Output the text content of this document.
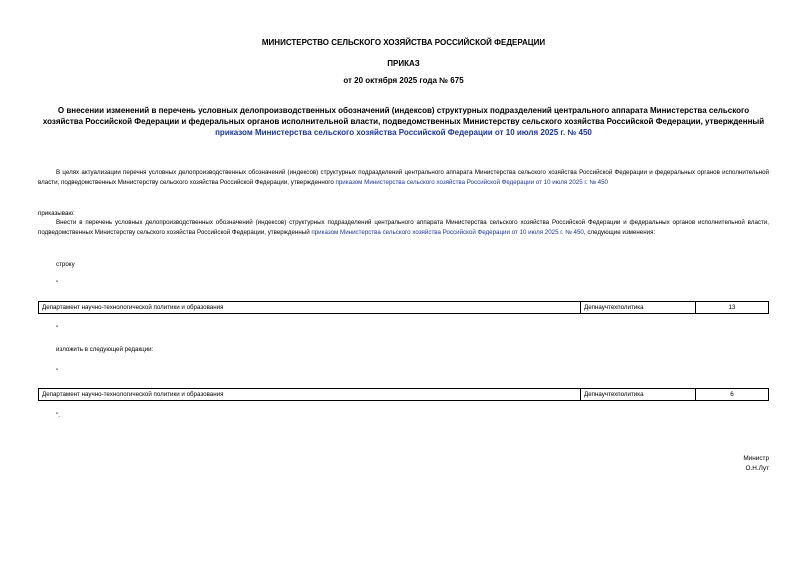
МИНИСТЕРСТВО СЕЛЬСКОГО ХОЗЯЙСТВА РОССИЙСКОЙ ФЕДЕРАЦИИ
ПРИКАЗ
от 20 октября 2025 года № 675
О внесении изменений в перечень условных делопроизводственных обозначений (индексов) структурных подразделений центрального аппарата Министерства сельского хозяйства Российской Федерации и федеральных органов исполнительной власти, подведомственных Министерству сельского хозяйства Российской Федерации, утвержденный приказом Министерства сельского хозяйства Российской Федерации от 10 июля 2025 г. № 450
В целях актуализации перечня условных делопроизводственных обозначений (индексов) структурных подразделений центрального аппарата Министерства сельского хозяйства Российской Федерации и федеральных органов исполнительной власти, подведомственных Министерству сельского хозяйства Российской Федерации, утвержденного приказом Министерства сельского хозяйства Российской Федерации от 10 июля 2025 г. № 450
приказываю:
Внести в перечень условных делопроизводственных обозначений (индексов) структурных подразделений центрального аппарата Министерства сельского хозяйства Российской Федерации и федеральных органов исполнительной власти, подведомственных Министерству сельского хозяйства Российской Федерации, утвержденный приказом Министерства сельского хозяйства Российской Федерации от 10 июля 2025 г. № 450, следующие изменения:
строку
"
Департамент научно-технологической политики и образования	Депнаучтехполитика	13
"
изложить в следующей редакции:
"
Департамент научно-технологической политики и образования	Депнаучтехполитика	6
".
Министр
О.Н.Лут
